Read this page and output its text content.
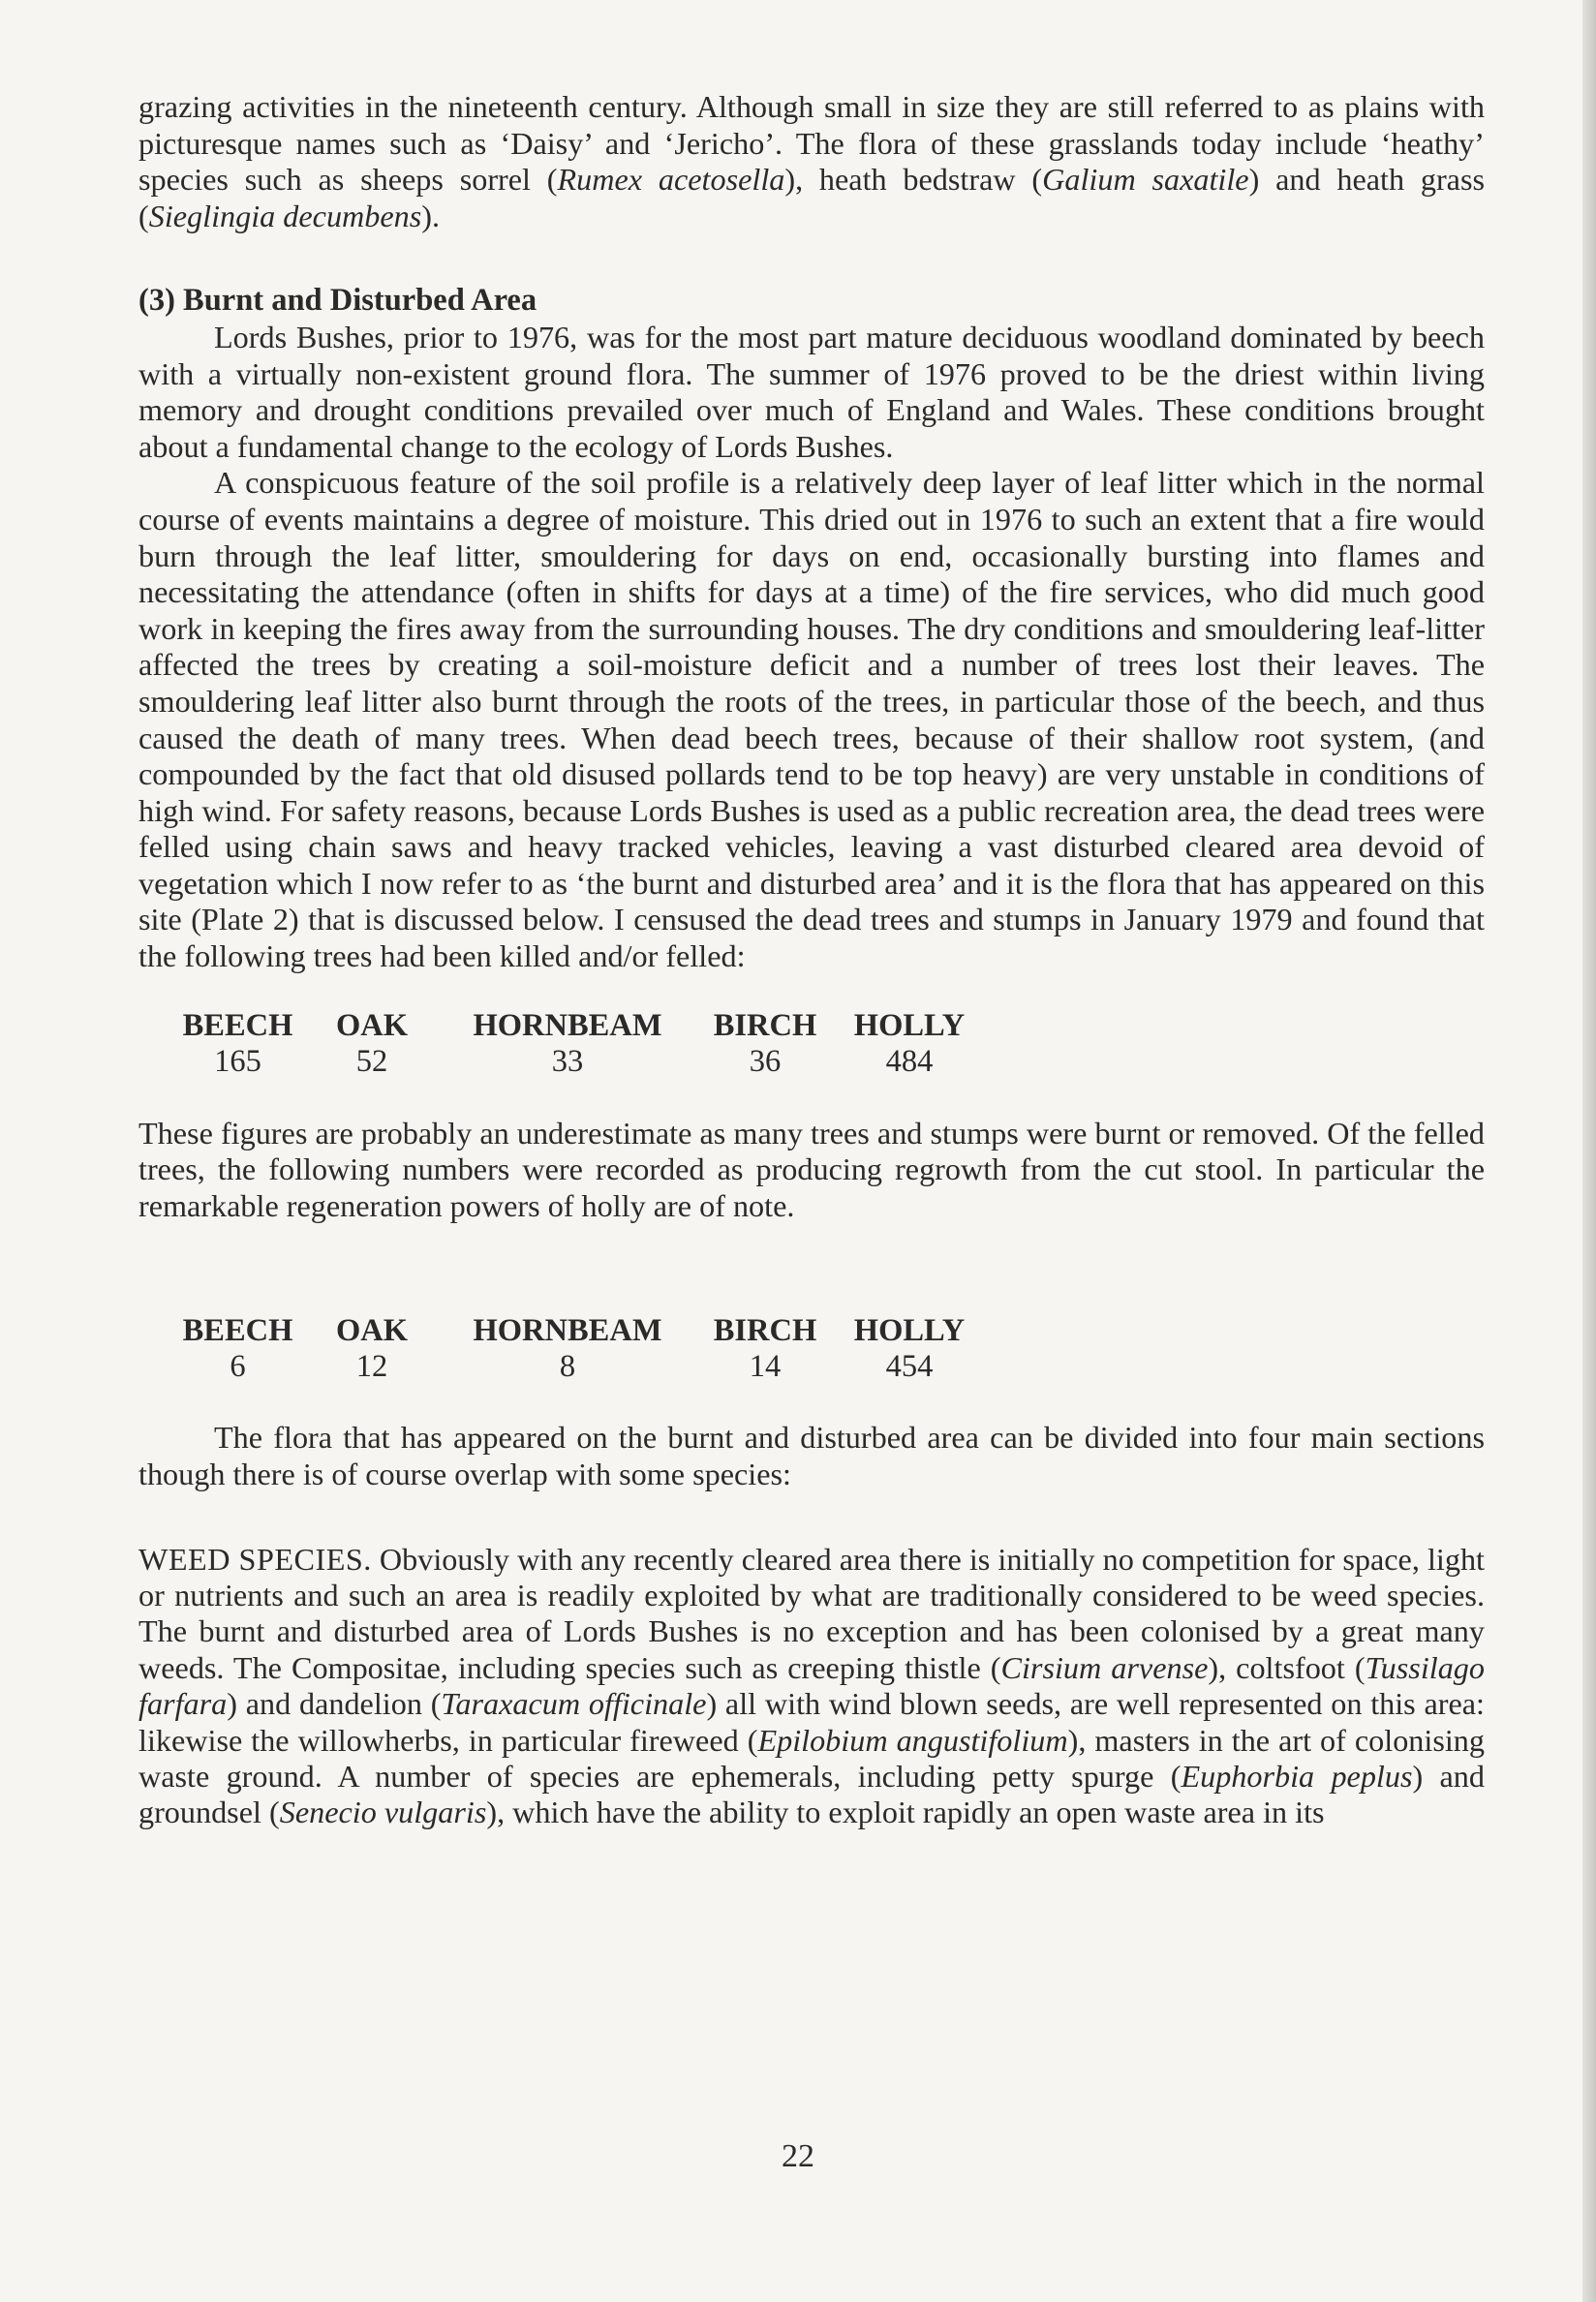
grazing activities in the nineteenth century. Although small in size they are still referred to as plains with picturesque names such as ‘Daisy’ and ‘Jericho’. The flora of these grasslands today include ‘heathy’ species such as sheeps sorrel (Rumex acetosella), heath bedstraw (Galium saxatile) and heath grass (Sieglingia decumbens).

(3) Burnt and Disturbed Area

Lords Bushes, prior to 1976, was for the most part mature deciduous woodland dominated by beech with a virtually non-existent ground flora. The summer of 1976 proved to be the driest within living memory and drought conditions prevailed over much of England and Wales. These conditions brought about a fundamental change to the ecology of Lords Bushes.

A conspicuous feature of the soil profile is a relatively deep layer of leaf litter which in the normal course of events maintains a degree of moisture. This dried out in 1976 to such an extent that a fire would burn through the leaf litter, smouldering for days on end, occasionally bursting into flames and necessitating the attendance (often in shifts for days at a time) of the fire services, who did much good work in keeping the fires away from the surrounding houses. The dry conditions and smouldering leaf-litter affected the trees by creating a soil-moisture deficit and a number of trees lost their leaves. The smouldering leaf litter also burnt through the roots of the trees, in particular those of the beech, and thus caused the death of many trees. When dead beech trees, because of their shallow root system, (and compounded by the fact that old disused pollards tend to be top heavy) are very unstable in conditions of high wind. For safety reasons, because Lords Bushes is used as a public recreation area, the dead trees were felled using chain saws and heavy tracked vehicles, leaving a vast disturbed cleared area devoid of vegetation which I now refer to as ‘the burnt and disturbed area’ and it is the flora that has appeared on this site (Plate 2) that is discussed below. I censused the dead trees and stumps in January 1979 and found that the following trees had been killed and/or felled:

BEECH	OAK	HORNBEAM	BIRCH	HOLLY
165	52	33	36	484

These figures are probably an underestimate as many trees and stumps were burnt or removed. Of the felled trees, the following numbers were recorded as producing regrowth from the cut stool. In particular the remarkable regeneration powers of holly are of note.

BEECH	OAK	HORNBEAM	BIRCH	HOLLY
6	12	8	14	454

The flora that has appeared on the burnt and disturbed area can be divided into four main sections though there is of course overlap with some species:

WEED SPECIES. Obviously with any recently cleared area there is initially no competition for space, light or nutrients and such an area is readily exploited by what are traditionally considered to be weed species. The burnt and disturbed area of Lords Bushes is no exception and has been colonised by a great many weeds. The Compositae, including species such as creeping thistle (Cirsium arvense), coltsfoot (Tussilago farfara) and dandelion (Taraxacum officinale) all with wind blown seeds, are well represented on this area: likewise the willowherbs, in particular fireweed (Epilobium angustifolium), masters in the art of colonising waste ground. A number of species are ephemerals, including petty spurge (Euphorbia peplus) and groundsel (Senecio vulgaris), which have the ability to exploit rapidly an open waste area in its

22
